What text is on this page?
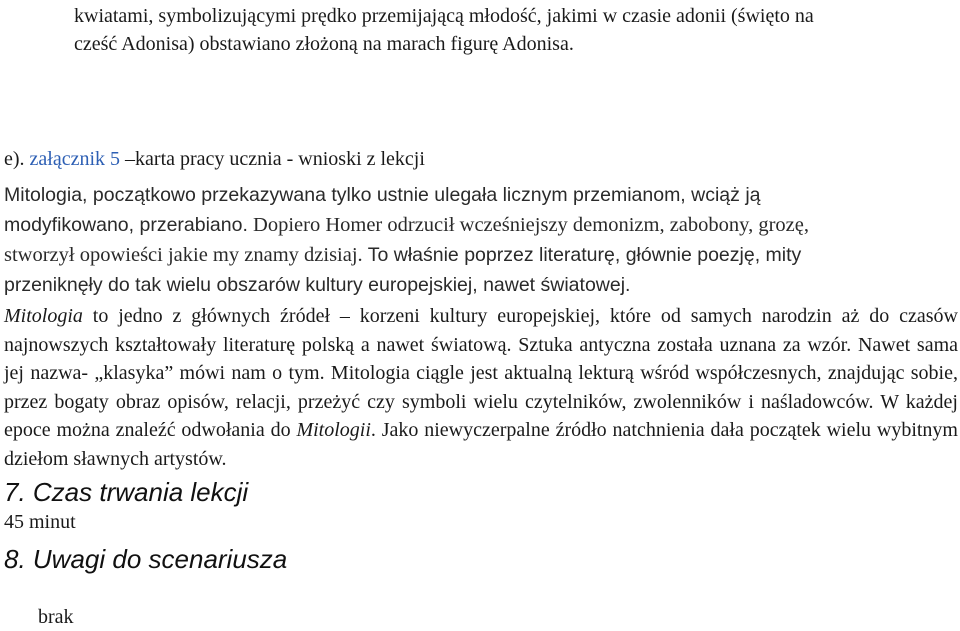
kwiatami, symbolizującymi prędko przemijającą młodość, jakimi w czasie adonii (święto na
cześć Adonisa) obstawiano złożoną na marach figurę Adonisa.
e). załącznik 5 –karta pracy ucznia - wnioski z lekcji
Mitologia, początkowo przekazywana tylko ustnie ulegała licznym przemianom, wciąż ją
modyfikowano, przerabiano. Dopiero Homer odrzucił wcześniejszy demonizm, zabobony, grozę,
stworzył opowieści jakie my znamy dzisiaj. To właśnie poprzez literaturę, głównie poezję, mity
przeniknęły do tak wielu obszarów kultury europejskiej, nawet światowej.
Mitologia to jedno z głównych źródeł – korzeni kultury europejskiej, które od samych narodzin aż do czasów najnowszych kształtowały literaturę polską a nawet światową. Sztuka antyczna została uznana za wzór. Nawet sama jej nazwa- „klasyka” mówi nam o tym. Mitologia ciągle jest aktualną lekturą wśród współczesnych, znajdując sobie, przez bogaty obraz opisów, relacji, przeżyć czy symboli wielu czytelników, zwolenników i naśladowców. W każdej epoce można znaleźć odwołania do Mitologii. Jako niewyczerpalne źródło natchnienia dała początek wielu wybitnym dziełom sławnych artystów.
7. Czas trwania lekcji
45 minut
8. Uwagi do scenariusza
brak
